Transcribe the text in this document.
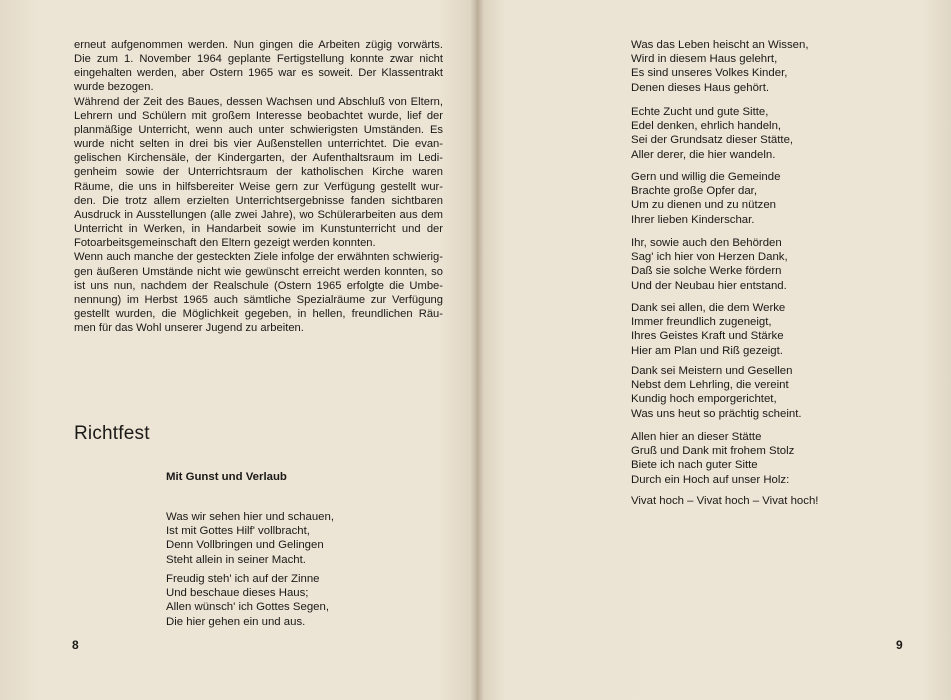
erneut aufgenommen werden. Nun gingen die Arbeiten zügig vorwärts.
Die zum 1. November 1964 geplante Fertigstellung konnte zwar nicht
eingehalten werden, aber Ostern 1965 war es soweit. Der Klassentrakt
wurde bezogen.

Während der Zeit des Baues, dessen Wachsen und Abschluß von Eltern,
Lehrern und Schülern mit großem Interesse beobachtet wurde, lief der
planmäßige Unterricht, wenn auch unter schwierigsten Umständen. Es
wurde nicht selten in drei bis vier Außenstellen unterrichtet. Die evan-
gelischen Kirchensäle, der Kindergarten, der Aufenthaltsraum im Ledi-
genheim sowie der Unterrichtsraum der katholischen Kirche waren
Räume, die uns in hilfsbereiter Weise gern zur Verfügung gestellt wur-
den. Die trotz allem erzielten Unterrichtsergebnisse fanden sichtbaren
Ausdruck in Ausstellungen (alle zwei Jahre), wo Schülerarbeiten aus dem
Unterricht in Werken, in Handarbeit sowie im Kunstunterricht und der
Fotoarbeitsgemeinschaft den Eltern gezeigt werden konnten.

Wenn auch manche der gesteckten Ziele infolge der erwähnten schwierig-
gen äußeren Umstände nicht wie gewünscht erreicht werden konnten, so
ist uns nun, nachdem der Realschule (Ostern 1965 erfolgte die Umbe-
nennung) im Herbst 1965 auch sämtliche Spezialräume zur Verfügung
gestellt wurden, die Möglichkeit gegeben, in hellen, freundlichen Räu-
men für das Wohl unserer Jugend zu arbeiten.

Richtfest
Mit Gunst und Verlaub

Was wir sehen hier und schauen,
Ist mit Gottes Hilf' vollbracht,
Denn Vollbringen und Gelingen
Steht allein in seiner Macht.

Freudig steh' ich auf der Zinne
Und beschaue dieses Haus;
Allen wünsch' ich Gottes Segen,
Die hier gehen ein und aus.

8

Was das Leben heischt an Wissen,
Wird in diesem Haus gelehrt,
Es sind unseres Volkes Kinder,
Denen dieses Haus gehört.

Echte Zucht und gute Sitte,
Edel denken, ehrlich handeln,
Sei der Grundsatz dieser Stätte,
Aller derer, die hier wandeln.

Gern und willig die Gemeinde
Brachte große Opfer dar,
Um zu dienen und zu nützen
Ihrer lieben Kinderschar.

Ihr, sowie auch den Behörden
Sag' ich hier von Herzen Dank,
Daß sie solche Werke fördern
Und der Neubau hier entstand.

Dank sei allen, die dem Werke
Immer freundlich zugeneigt,
Ihres Geistes Kraft und Stärke
Hier am Plan und Riß gezeigt.

Dank sei Meistern und Gesellen
Nebst dem Lehrling, die vereint
Kundig hoch emporgerichtet,
Was uns heut so prächtig scheint.

Allen hier an dieser Stätte
Gruß und Dank mit frohem Stolz
Biete ich nach guter Sitte
Durch ein Hoch auf unser Holz:

Vivat hoch – Vivat hoch – Vivat hoch!

9
